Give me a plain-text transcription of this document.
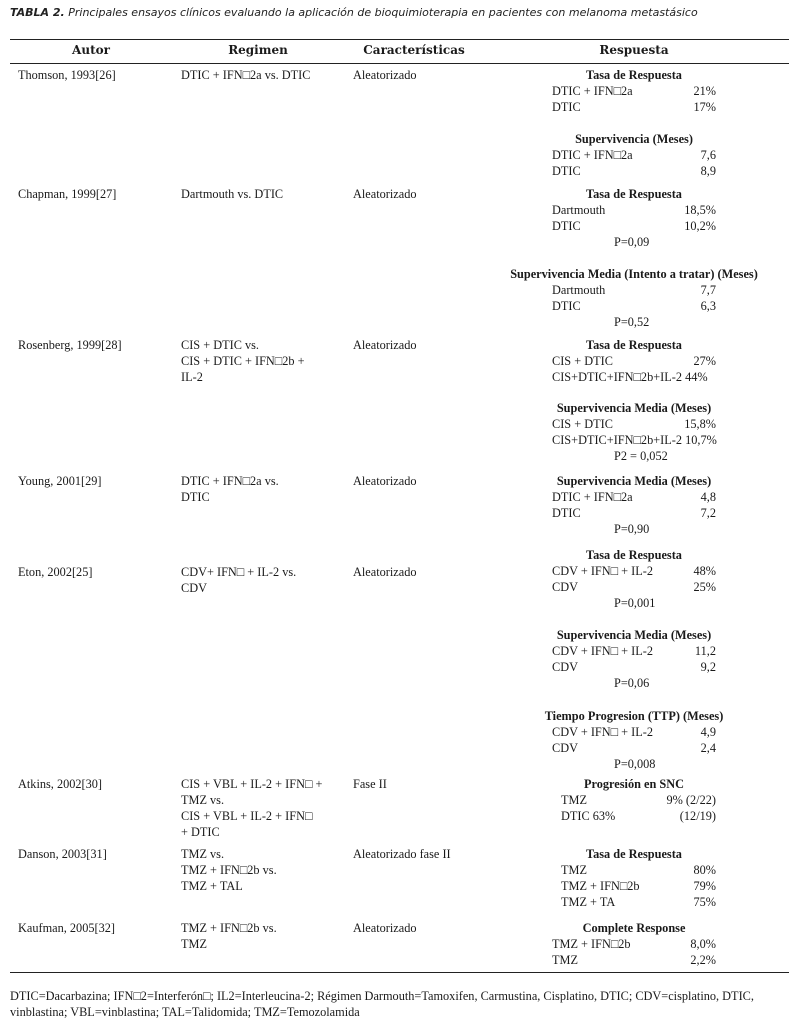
TABLA 2. Principales ensayos clínicos evaluando la aplicación de bioquimioterapia en pacientes con melanoma metastásico
Autor	Regimen	Características	Respuesta
Thomson, 1993[26]	DTIC + IFN□2a vs. DTIC	Aleatorizado	Tasa de Respuesta
DTIC + IFN□2a	21%
DTIC	17%
Supervivencia (Meses)
DTIC + IFN□2a	7,6
DTIC	8,9
Chapman, 1999[27]	Dartmouth vs. DTIC	Aleatorizado	Tasa de Respuesta
Dartmouth	18,5%
DTIC	10,2%
P=0,09
Supervivencia Media (Intento a tratar) (Meses)
Dartmouth	7,7
DTIC	6,3
P=0,52
Rosenberg, 1999[28]	CIS + DTIC vs.
CIS + DTIC + IFN□2b +
IL-2
Aleatorizado	Tasa de Respuesta
CIS + DTIC	27%
CIS+DTIC+IFN□2b+IL-2 44%
Supervivencia Media (Meses)
CIS + DTIC	15,8%
CIS+DTIC+IFN□2b+IL-2 10,7%
P2 = 0,052
Young, 2001[29]	DTIC + IFN□2a vs.
DTIC
Aleatorizado	Supervivencia Media (Meses)
DTIC + IFN□2a	4,8
DTIC	7,2
P=0,90
Eton, 2002[25]	CDV+ IFN□ + IL-2 vs.
CDV
Aleatorizado
Tasa de Respuesta
CDV + IFN□ + IL-2	48%
CDV	25%
P=0,001
Supervivencia Media (Meses)
CDV + IFN□ + IL-2	11,2
CDV	9,2
P=0,06
Tiempo Progresion (TTP) (Meses)
CDV + IFN□ + IL-2	4,9
CDV	2,4
P=0,008
Atkins, 2002[30]	CIS + VBL + IL-2 + IFN□ +
TMZ vs.
CIS + VBL + IL-2 + IFN□
+ DTIC
Fase II	Progresión en SNC
TMZ	9% (2/22)
DTIC 63%	(12/19)
Danson, 2003[31]	TMZ vs.
TMZ + IFN□2b vs.
TMZ + TAL
Aleatorizado fase II	Tasa de Respuesta
TMZ	80%
TMZ + IFN□2b	79%
TMZ + TA	75%
Kaufman, 2005[32]	TMZ + IFN□2b vs.
TMZ
Aleatorizado	Complete Response
TMZ + IFN□2b	8,0%
TMZ	2,2%
DTIC=Dacarbazina; IFN□2=Interferón□; IL2=Interleucina-2; Régimen Darmouth=Tamoxifen, Carmustina, Cisplatino, DTIC; CDV=cisplatino, DTIC, vinblastina; VBL=vinblastina; TAL=Talidomida; TMZ=Temozolamida
